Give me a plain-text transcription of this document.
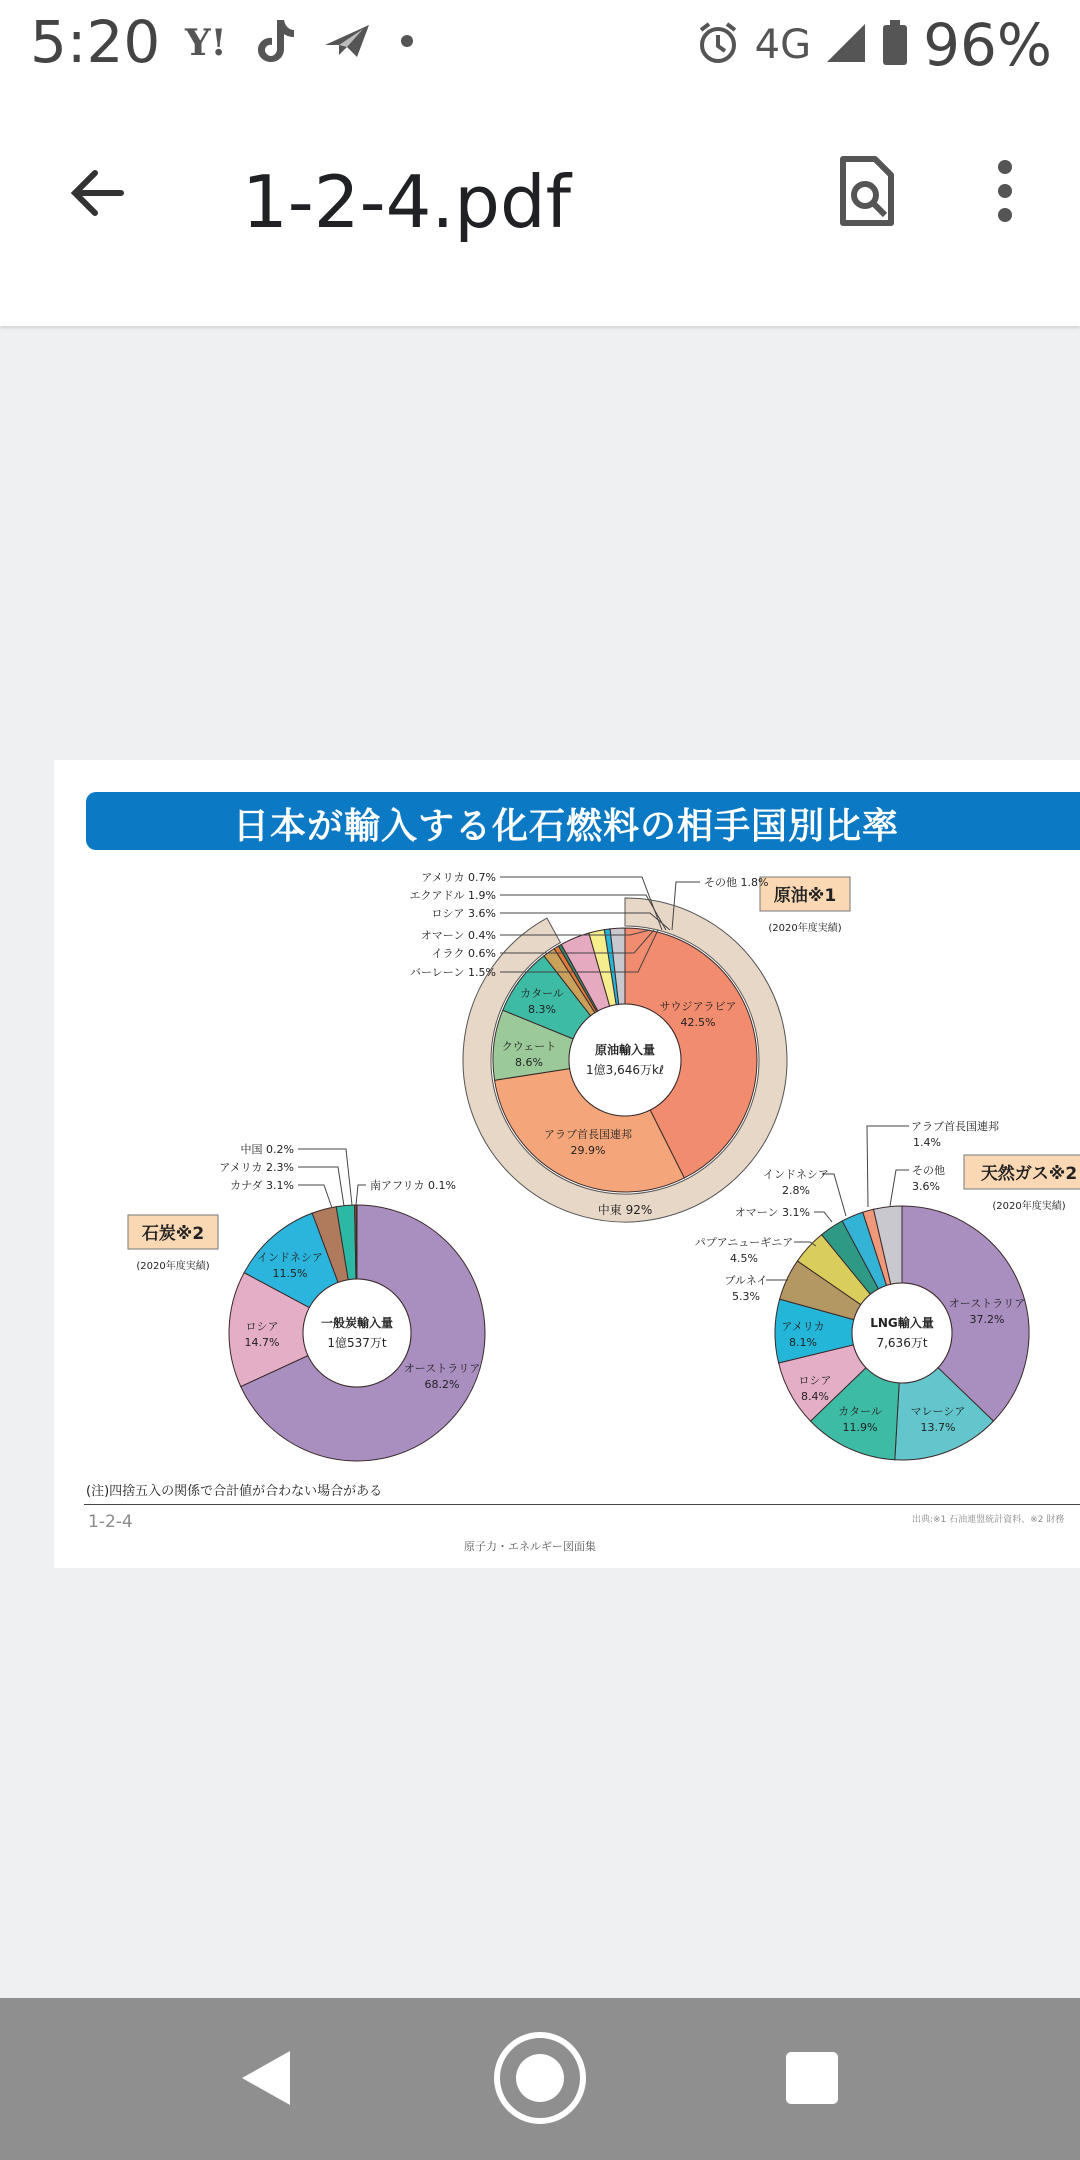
5:20 Y!	4G 96%
1-2-4.pdf
日本が輸入する化石燃料の相手国別比率
原油輸入量
1億3,646万kℓ
中東 92%
原油※1
(2020年度実績)
アメリカ 0.7%
エクアドル 1.9%
ロシア 3.6%
オマーン 0.4%
イラク 0.6%
バーレーン 1.5%
その他 1.8%
カタール
8.3%
クウェート
8.6%
サウジアラビア
42.5%
アラブ首長国連邦
29.9%
一般炭輸入量
1億537万t
石炭※2
(2020年度実績)
中国 0.2%
アメリカ 2.3%
カナダ 3.1%	南アフリカ 0.1%
インドネシア
11.5%
ロシア
14.7%
オーストラリア
68.2%
LNG輸入量
7,636万t
天然ガス※2
(2020年度実績)
アラブ首長国連邦
1.4%
インドネシア
2.8%
その他
3.6%
オマーン 3.1%
パプアニューギニア
4.5%
ブルネイ
5.3%
アメリカ
8.1%
ロシア
8.4%
カタール
11.9%
マレーシア
13.7%
オーストラリア
37.2%
(注)四捨五入の関係で合計値が合わない場合がある
1-2-4	出典:※1 石油連盟統計資料、※2 財務
原子力・エネルギー図面集
